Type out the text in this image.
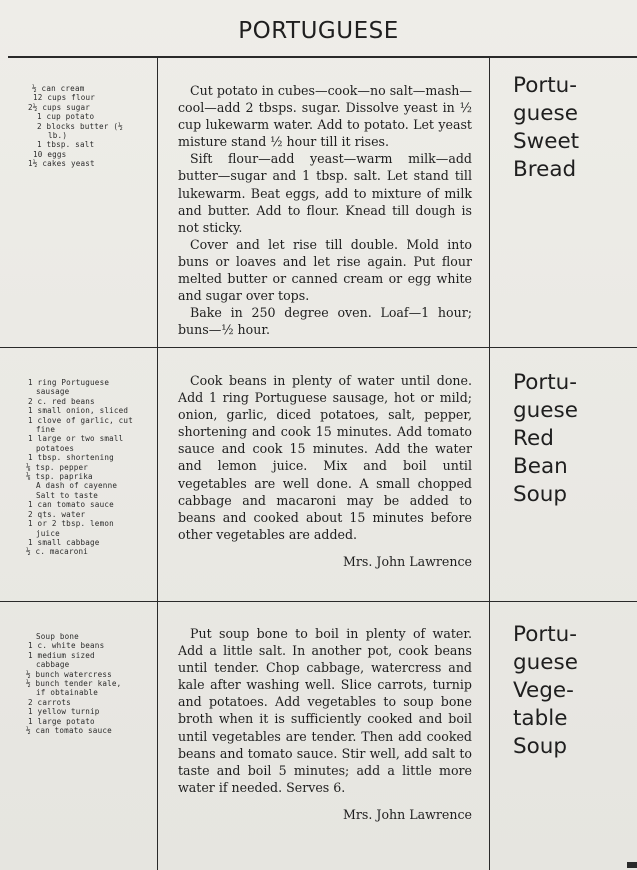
PORTUGUESE
½ can cream
12 cups flour
2½ cups sugar
1 cup potato
2 blocks butter (½
lb.)
1 tbsp. salt
10 eggs
1½ cakes yeast

Cut potato in cubes—cook—no salt—mash—cool—add 2 tbsps. sugar. Dissolve yeast in ½ cup lukewarm water. Add to potato. Let yeast misture stand ½ hour till it rises.

Sift flour—add yeast—warm milk—add butter—sugar and 1 tbsp. salt. Let stand till lukewarm. Beat eggs, add to mixture of milk and butter. Add to flour. Knead till dough is not sticky.

Cover and let rise till double. Mold into buns or loaves and let rise again. Put flour melted butter or canned cream or egg white and sugar over tops.

Bake in 250 degree oven. Loaf—1 hour; buns—½ hour.

Portu-
guese
Sweet
Bread
1 ring Portuguese
sausage
2 c. red beans
1 small onion, sliced
1 clove of garlic, cut
fine
1 large or two small
potatoes
1 tbsp. shortening
⅛ tsp. pepper
⅛ tsp. paprika
A dash of cayenne
Salt to taste
1 can tomato sauce
2 qts. water
1 or 2 tbsp. lemon
juice
1 small cabbage
½ c. macaroni

Cook beans in plenty of water until done. Add 1 ring Portuguese sausage, hot or mild; onion, garlic, diced potatoes, salt, pepper, shortening and cook 15 minutes. Add tomato sauce and cook 15 minutes. Add the water and lemon juice. Mix and boil until vegetables are well done. A small chopped cabbage and macaroni may be added to beans and cooked about 15 minutes before other vegetables are added.

Mrs. John Lawrence
Portu-
guese
Red
Bean
Soup
Soup bone
1 c. white beans
1 medium sized
cabbage
½ bunch watercress
½ bunch tender kale,
if obtainable
2 carrots
1 yellow turnip
1 large potato
½ can tomato sauce

Put soup bone to boil in plenty of water. Add a little salt. In another pot, cook beans until tender. Chop cabbage, watercress and kale after washing well. Slice carrots, turnip and potatoes. Add vegetables to soup bone broth when it is sufficiently cooked and boil until vegetables are tender. Then add cooked beans and tomato sauce. Stir well, add salt to taste and boil 5 minutes; add a little more water if needed. Serves 6.

Mrs. John Lawrence
Portu-
guese
Vege-
table
Soup
